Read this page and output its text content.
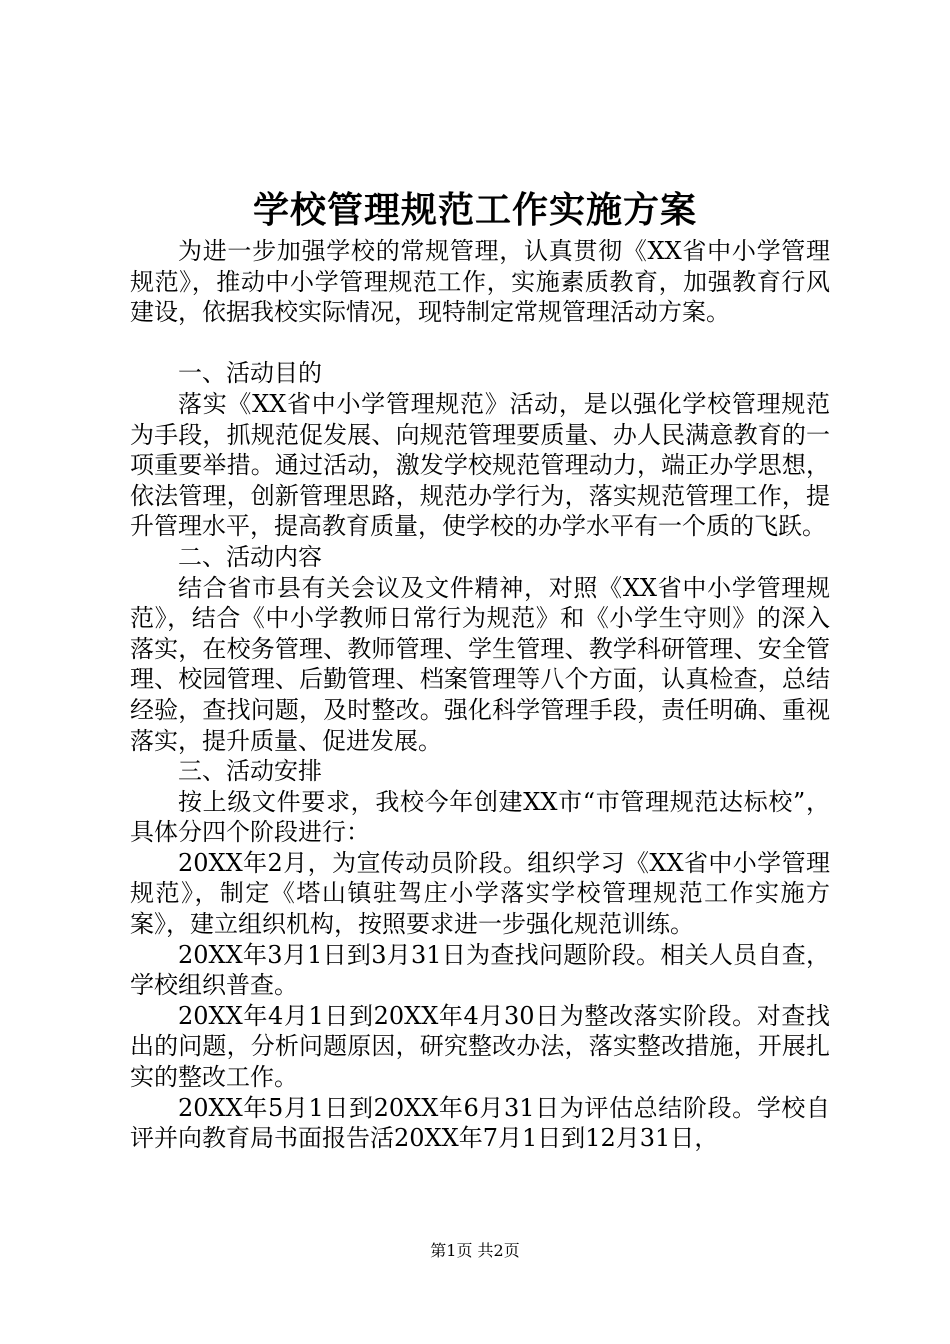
学校管理规范工作实施方案

为进一步加强学校的常规管理，认真贯彻《XX省中小学管理规范》，推动中小学管理规范工作，实施素质教育，加强教育行风建设，依据我校实际情况，现特制定常规管理活动方案。

一、活动目的

落实《XX省中小学管理规范》活动，是以强化学校管理规范为手段，抓规范促发展、向规范管理要质量、办人民满意教育的一项重要举措。通过活动，激发学校规范管理动力，端正办学思想，依法管理，创新管理思路，规范办学行为，落实规范管理工作，提升管理水平，提高教育质量，使学校的办学水平有一个质的飞跃。

二、活动内容

结合省市县有关会议及文件精神，对照《XX省中小学管理规范》，结合《中小学教师日常行为规范》和《小学生守则》的深入落实，在校务管理、教师管理、学生管理、教学科研管理、安全管理、校园管理、后勤管理、档案管理等八个方面，认真检查，总结经验，查找问题，及时整改。强化科学管理手段，责任明确、重视落实，提升质量、促进发展。

三、活动安排

按上级文件要求，我校今年创建XX市“市管理规范达标校”，具体分四个阶段进行：

20XX年2月，为宣传动员阶段。组织学习《XX省中小学管理规范》，制定《塔山镇驻驾庄小学落实学校管理规范工作实施方案》，建立组织机构，按照要求进一步强化规范训练。

20XX年3月1日到3月31日为查找问题阶段。相关人员自查，学校组织普查。

20XX年4月1日到20XX年4月30日为整改落实阶段。对查找出的问题，分析问题原因，研究整改办法，落实整改措施，开展扎实的整改工作。

20XX年5月1日到20XX年6月31日为评估总结阶段。学校自评并向教育局书面报告活20XX年7月1日到12月31日，

第1页 共2页
